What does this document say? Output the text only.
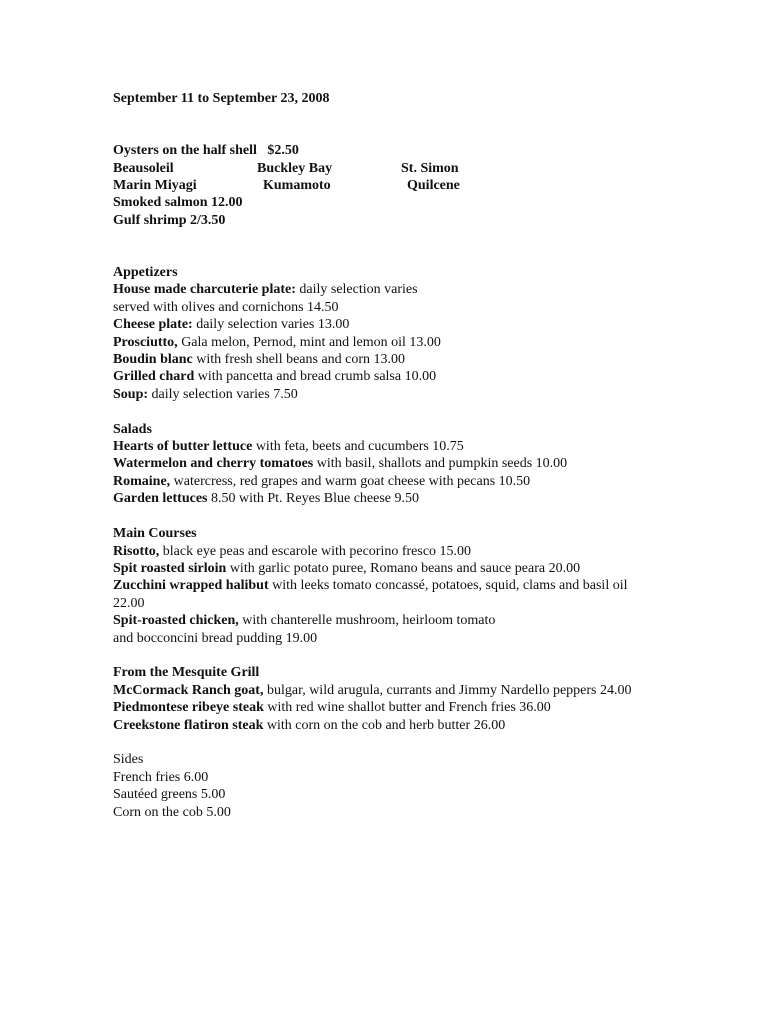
September 11 to September 23, 2008
Oysters on the half shell   $2.50
Beausoleil	Buckley Bay	St. Simon
Marin Miyagi	Kumamoto	Quilcene
Smoked salmon 12.00
Gulf shrimp 2/3.50
Appetizers
House made charcuterie plate: daily selection varies
served with olives and cornichons 14.50
Cheese plate: daily selection varies 13.00
Prosciutto, Gala melon, Pernod, mint and lemon oil 13.00
Boudin blanc with fresh shell beans and corn 13.00
Grilled chard with pancetta and bread crumb salsa 10.00
Soup: daily selection varies 7.50
Salads
Hearts of butter lettuce with feta, beets and cucumbers 10.75
Watermelon and cherry tomatoes with basil, shallots and pumpkin seeds 10.00
Romaine, watercress, red grapes and warm goat cheese with pecans 10.50
Garden lettuces 8.50 with Pt. Reyes Blue cheese 9.50
Main Courses
Risotto, black eye peas and escarole with pecorino fresco 15.00
Spit roasted sirloin with garlic potato puree, Romano beans and sauce peara 20.00
Zucchini wrapped halibut with leeks tomato concassé, potatoes, squid, clams and basil oil 22.00
Spit-roasted chicken, with chanterelle mushroom, heirloom tomato
and bocconcini bread pudding 19.00
From the Mesquite Grill
McCormack Ranch goat, bulgar, wild arugula, currants and Jimmy Nardello peppers 24.00
Piedmontese ribeye steak with red wine shallot butter and French fries 36.00
Creekstone flatiron steak with corn on the cob and herb butter 26.00
Sides
French fries 6.00
Sautéed greens 5.00
Corn on the cob 5.00
